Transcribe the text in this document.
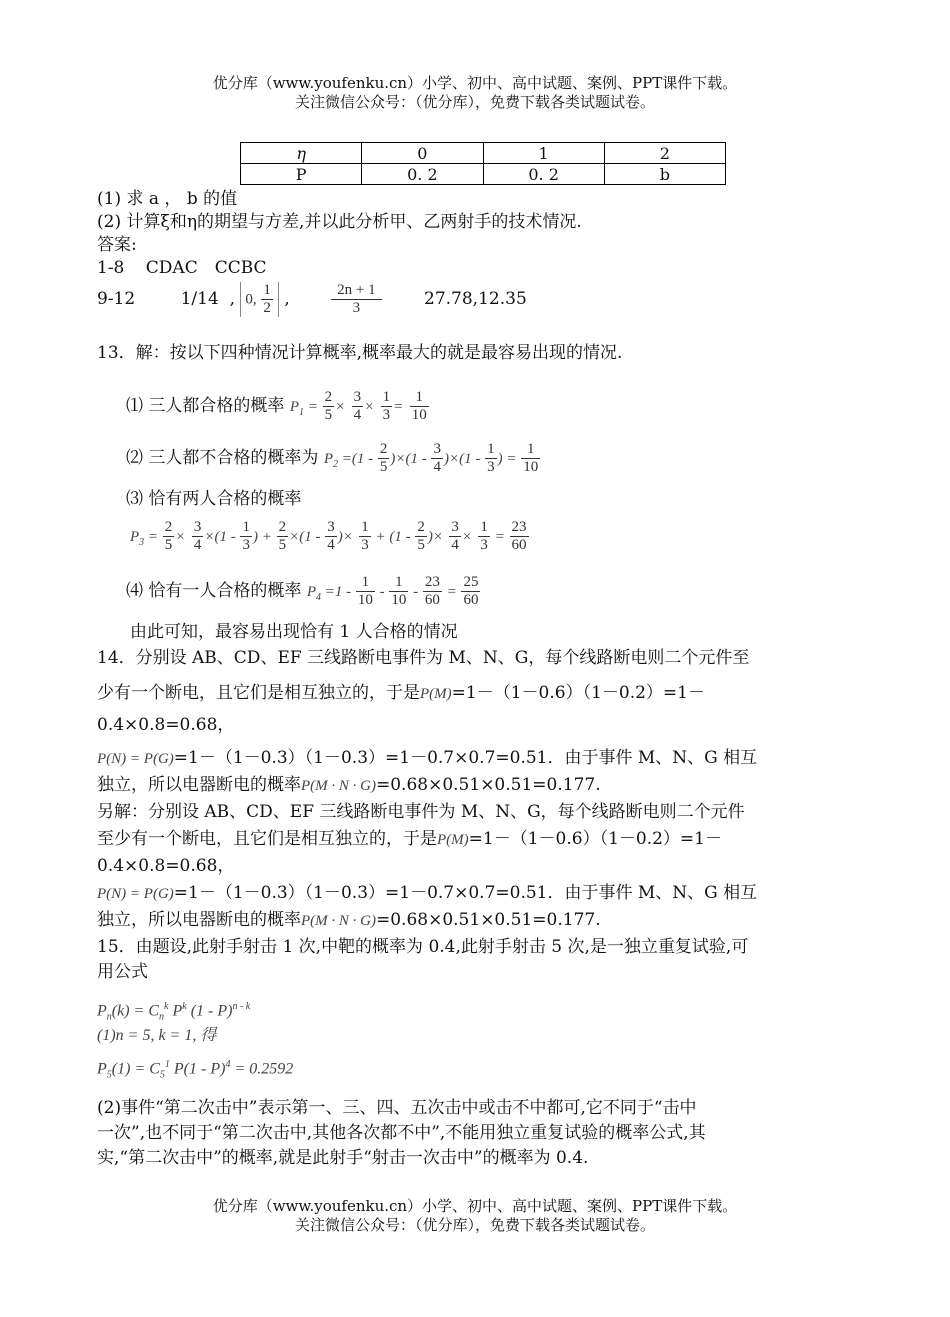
优分库（www.youfenku.cn）小学、初中、高中试题、案例、PPT课件下载。
关注微信公众号：（优分库），免费下载各类试题试卷。
η	0	1	2
P	0. 2	0. 2	b
(1) 求 a ， b 的值
(2) 计算ξ和η的期望与方差,并以此分析甲、乙两射手的技术情况.
答案:
1-8 CDAC　CCBC
9-12	1/14  , 0, $\frac{1}{2}$ ,	$\frac{2n + 1}{3} 27.78,12.35$
13．解：按以下四种情况计算概率,概率最大的就是最容易出现的情况.
⑴ 三人都合格的概率 $P_1 = \frac{2}{5} \times \frac{3}{4} \times \frac{1}{3} = \frac{1}{10}$
⑵ 三人都不合格的概率为 $P_2 =(1 - \frac{2}{5} )\times(1 - \frac{3}{4} )\times(1 - \frac{1}{3}$ ) = $\frac{1}{10}$
⑶ 恰有两人合格的概率
$P_3 = \frac{2}{5} \times \frac{3}{4} \times(1 - \frac{1}{3}$ ) + $\frac{2}{5} \times(1 - \frac{3}{4}$ )× $\frac{1}{3} + (1 - \frac{2}{5}$ )× $\frac{3}{4} \times \frac{1}{3} = \frac{23}{60}$
⑷ 恰有一人合格的概率 $P_4 =1 - \frac{1}{10} - \frac{1}{10} - \frac{23}{60} = \frac{25}{60}$
由此可知，最容易出现恰有 1 人合格的情况
14．分别设 AB、CD、EF 三线路断电事件为 M、N、G，每个线路断电则二个元件至
少有一个断电，且它们是相互独立的，于是P(M)=1－（1－0.6）（1－0.2）=1－
0.4×0.8=0.68，
P(N) = P(G)=1－（1－0.3）（1－0.3）=1－0.7×0.7=0.51．由于事件 M、N、G 相互
独立，所以电器断电的概率P(M · N · G)=0.68×0.51×0.51=0.177.
另解：分别设 AB、CD、EF 三线路断电事件为 M、N、G，每个线路断电则二个元件
至少有一个断电，且它们是相互独立的，于是P(M)=1－（1－0.6）（1－0.2）=1－
0.4×0.8=0.68，
P(N) = P(G)=1－（1－0.3）（1－0.3）=1－0.7×0.7=0.51．由于事件 M、N、G 相互
独立，所以电器断电的概率P(M · N · G)=0.68×0.51×0.51=0.177.
15．由题设,此射手射击 1 次,中靶的概率为 0.4,此射手射击 5 次,是一独立重复试验,可
用公式
$P_n(k) = C_n^k$ $P^k$ (1 - P)$^{n - k}$
(1)n = 5, k = 1, 得
$P_5(1) = C_5^1$ P(1 - P)$^4$ = 0.2592
(2)事件“第二次击中”表示第一、三、四、五次击中或击不中都可,它不同于“击中
一次”,也不同于“第二次击中,其他各次都不中”,不能用独立重复试验的概率公式,其
实,“第二次击中”的概率,就是此射手“射击一次击中”的概率为 0.4.
优分库（www.youfenku.cn）小学、初中、高中试题、案例、PPT课件下载。
关注微信公众号：（优分库），免费下载各类试题试卷。
